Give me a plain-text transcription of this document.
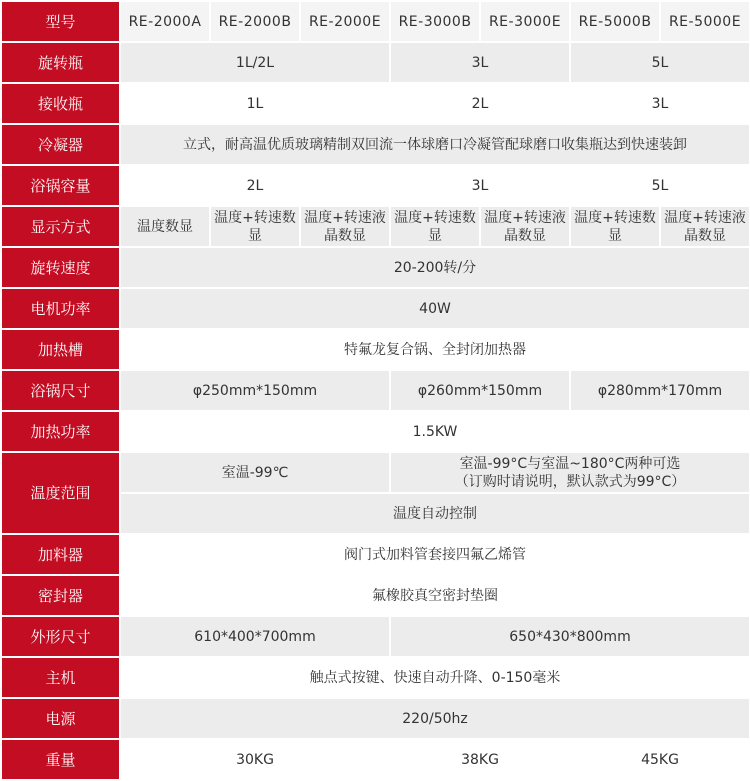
型号	RE-2000A	RE-2000B	RE-2000E	RE-3000B	RE-3000E	RE-5000B	RE-5000E
旋转瓶	1L/2L			3L		5L	
接收瓶	1L			2L		3L	
冷凝器	立式，耐高温优质玻璃精制双回流一体球磨口冷凝管配球磨口收集瓶达到快速装卸						
浴锅容量	2L			3L		5L	
显示方式	温度数显	温度+转速数显	温度+转速液晶数显	温度+转速数显	温度+转速液晶数显	温度+转速数显	温度+转速液晶数显
旋转速度	20-200转/分						
电机功率	40W						
加热槽	特氟龙复合锅、全封闭加热器						
浴锅尺寸	φ250mm*150mm			φ260mm*150mm		φ280mm*170mm	
加热功率	1.5KW						
温度范围	室温-99℃			室温-99°C与室温~180°C两种可选
（订购时请说明，默认款式为99°C）			

	温度自动控制						
加料器	阀门式加料管套接四氟乙烯管						
密封器	氟橡胶真空密封垫圈						
外形尺寸	610*400*700mm			650*430*800mm			
主机	触点式按键、快速自动升降、0-150毫米						
电源	220/50hz						
重量	30KG			38KG		45KG	
